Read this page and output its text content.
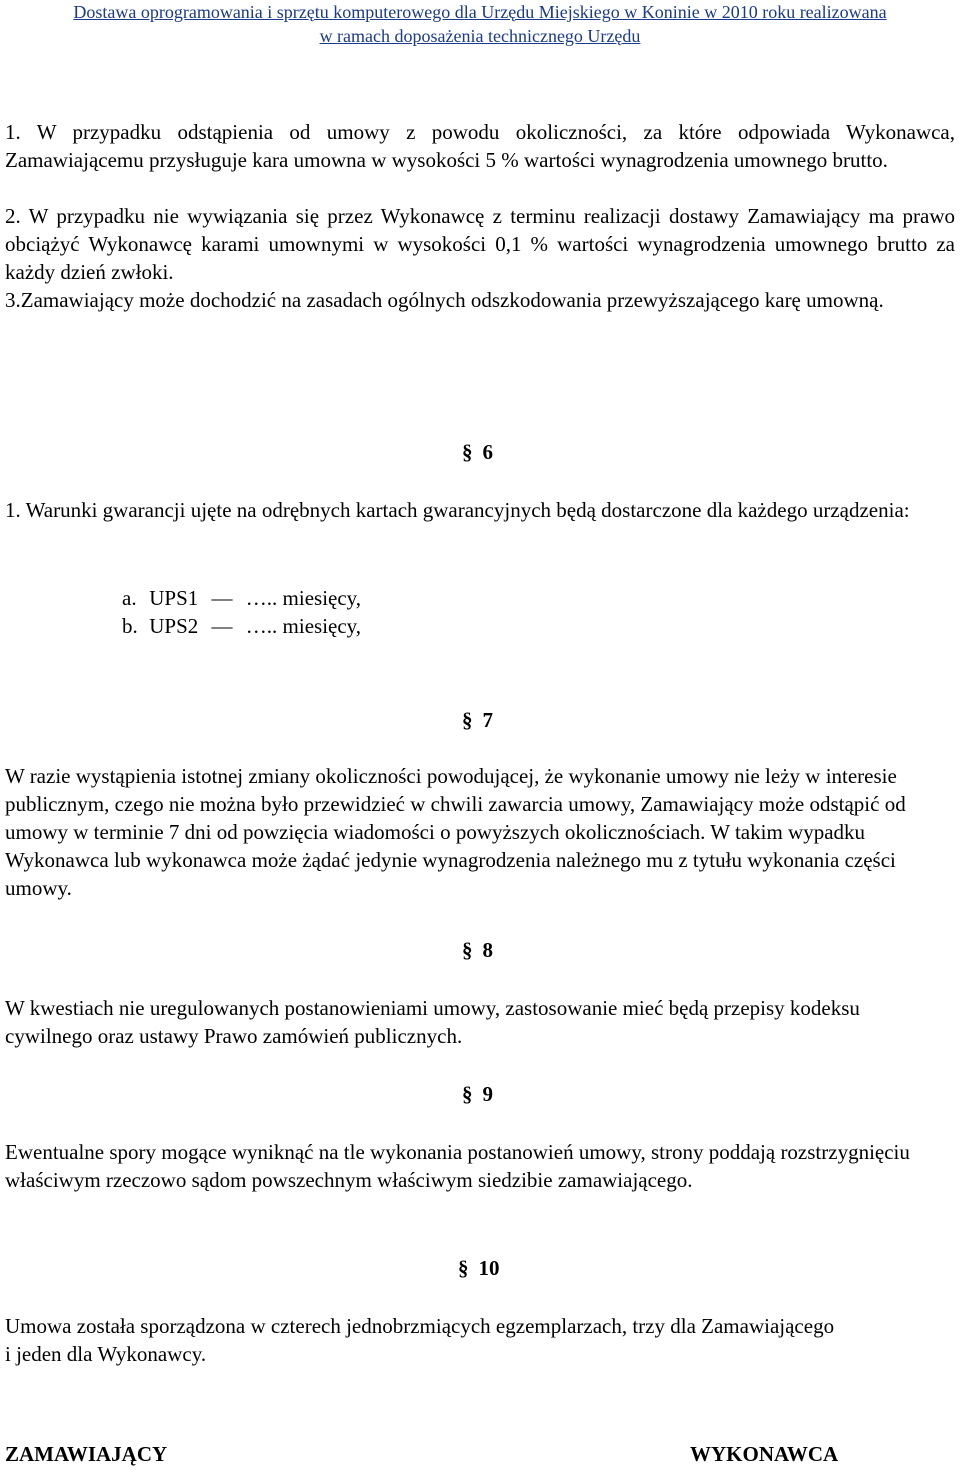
Dostawa oprogramowania i sprzętu komputerowego dla Urzędu Miejskiego w Koninie w 2010 roku realizowana
w ramach doposażenia technicznego Urzędu
1. W przypadku odstąpienia od umowy z powodu okoliczności, za które odpowiada Wykonawca, Zamawiającemu przysługuje kara umowna w wysokości 5 % wartości wynagrodzenia umownego brutto.
2. W przypadku nie wywiązania się przez Wykonawcę z terminu realizacji dostawy Zamawiający ma prawo obciążyć Wykonawcę karami umownymi w wysokości 0,1 % wartości wynagrodzenia umownego brutto za każdy dzień zwłoki.
3.Zamawiający może dochodzić na zasadach ogólnych odszkodowania przewyższającego karę umowną.
§ 6
1. Warunki gwarancji ujęte na odrębnych kartach gwarancyjnych będą dostarczone dla każdego urządzenia:
a. UPS1 — ….. miesięcy,
b. UPS2 — ….. miesięcy,
§ 7
W razie wystąpienia istotnej zmiany okoliczności powodującej, że wykonanie umowy nie leży w interesie publicznym, czego nie można było przewidzieć w chwili zawarcia umowy, Zamawiający może odstąpić od umowy w terminie 7 dni od powzięcia wiadomości o powyższych okolicznościach. W takim wypadku Wykonawca lub wykonawca może żądać jedynie wynagrodzenia należnego mu z tytułu wykonania części umowy.
§ 8
W kwestiach nie uregulowanych postanowieniami umowy, zastosowanie mieć będą przepisy kodeksu cywilnego oraz ustawy Prawo zamówień publicznych.
§ 9
Ewentualne spory mogące wyniknąć na tle wykonania postanowień umowy, strony poddają rozstrzygnięciu właściwym rzeczowo sądom powszechnym właściwym siedzibie zamawiającego.
§ 10
Umowa została sporządzona w czterech jednobrzmiących egzemplarzach, trzy dla Zamawiającego i jeden dla Wykonawcy.
ZAMAWIAJĄCY	WYKONAWCA
